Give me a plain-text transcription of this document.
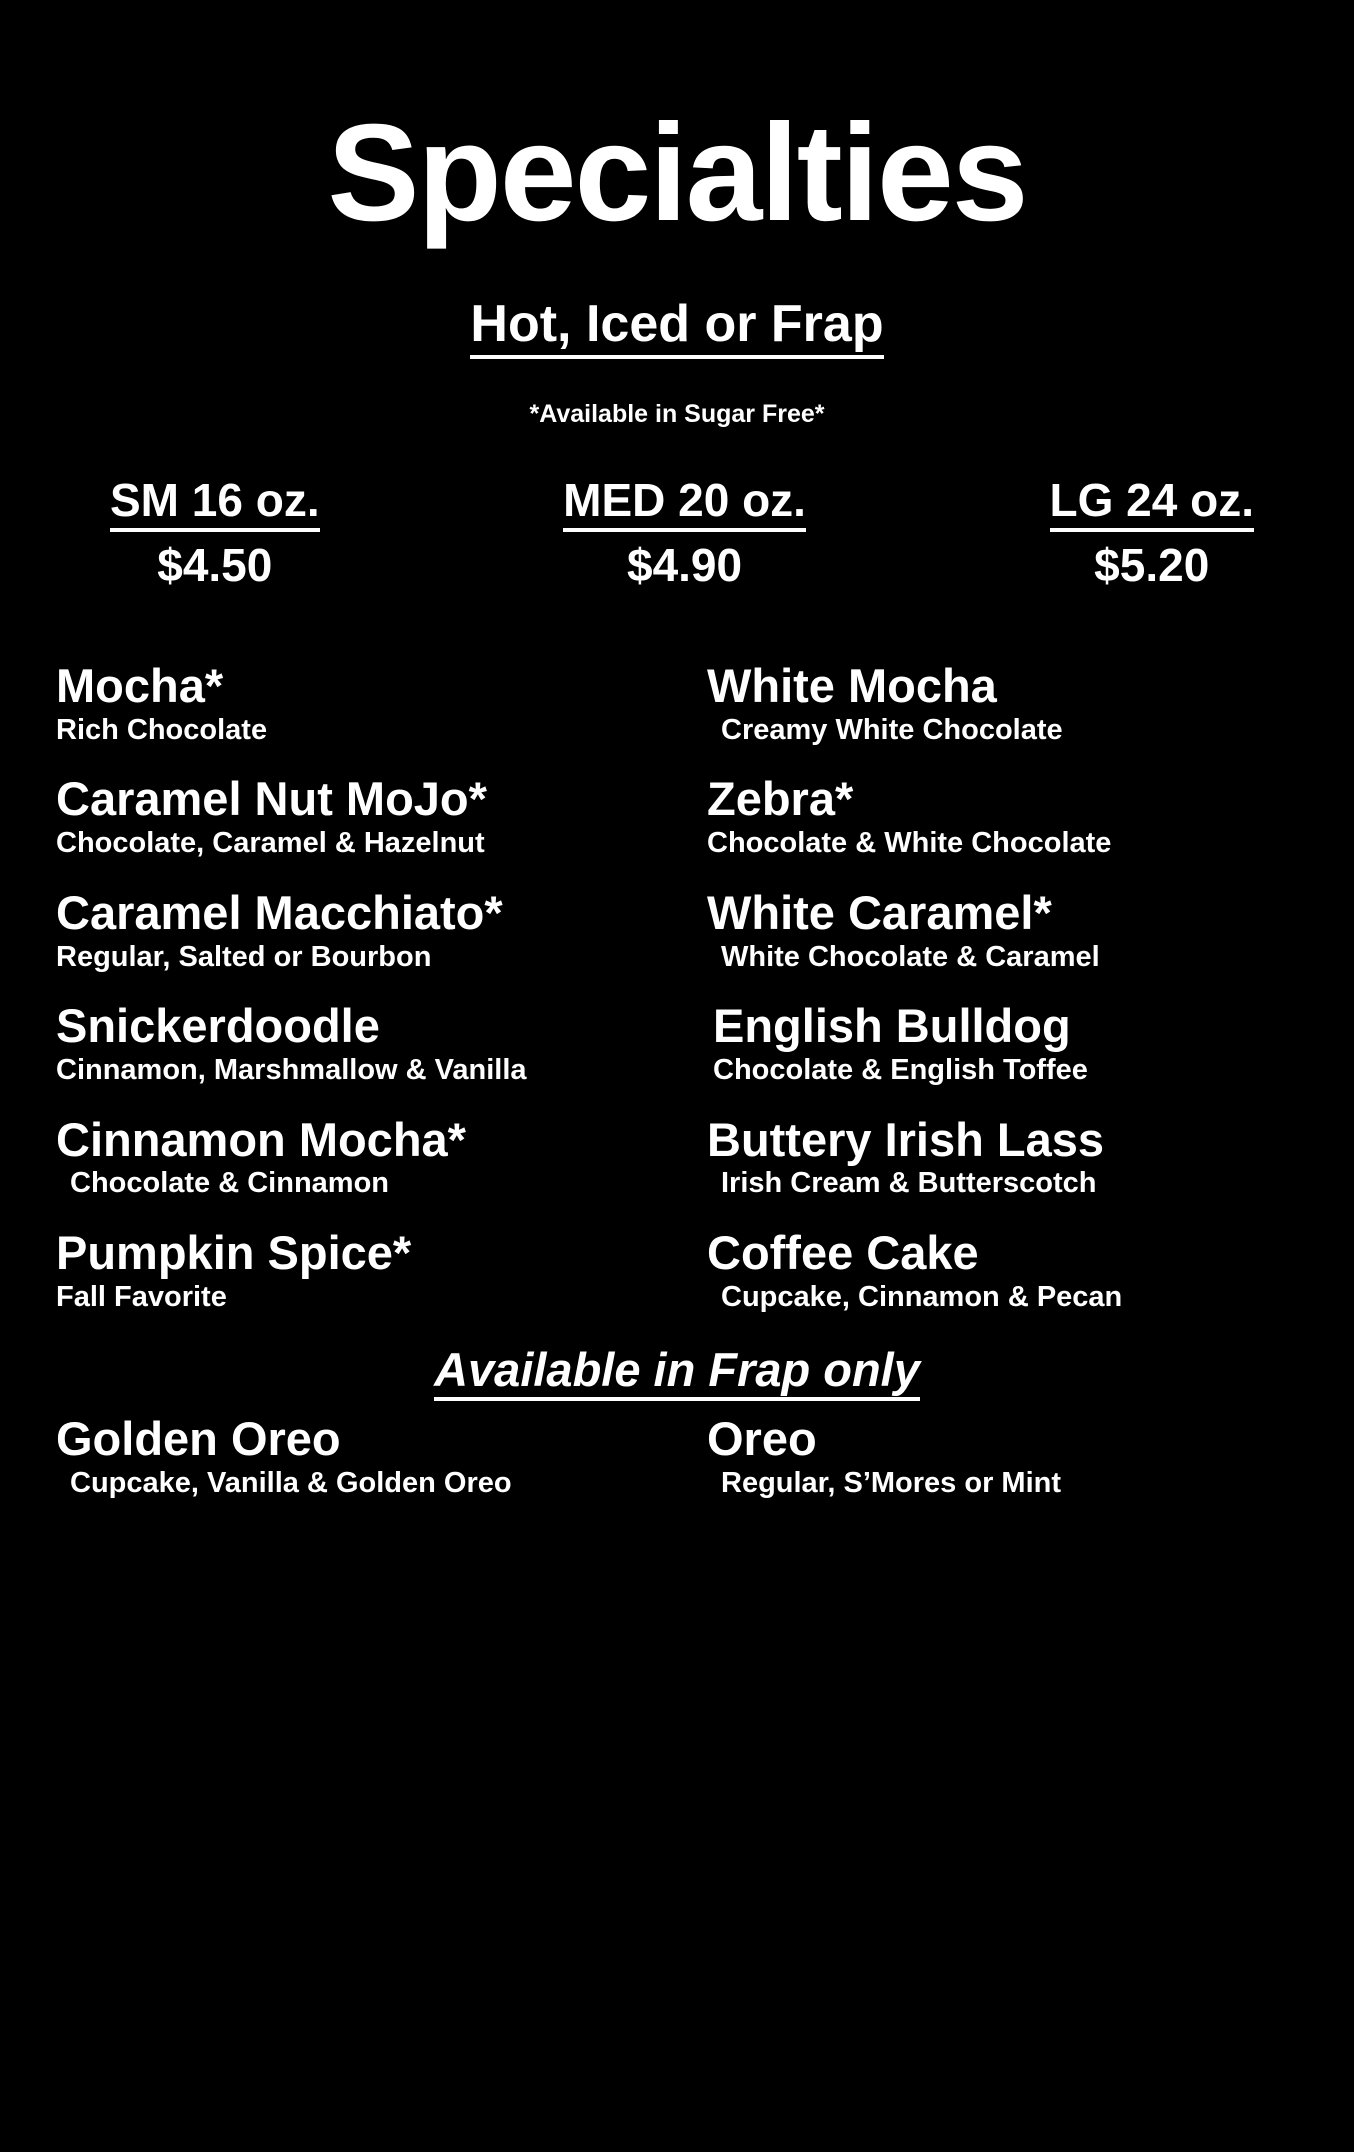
Specialties
Hot, Iced or Frap
*Available in Sugar Free*
SM 16 oz.
$4.50
MED 20 oz.
$4.90
LG 24 oz.
$5.20
Mocha*
Rich Chocolate
White Mocha
Creamy White Chocolate
Caramel Nut MoJo*
Chocolate, Caramel & Hazelnut
Zebra*
Chocolate & White Chocolate
Caramel Macchiato*
Regular, Salted or Bourbon
White Caramel*
White Chocolate & Caramel
Snickerdoodle
Cinnamon, Marshmallow & Vanilla
English Bulldog
Chocolate & English Toffee
Cinnamon Mocha*
Chocolate & Cinnamon
Buttery Irish Lass
Irish Cream & Butterscotch
Pumpkin Spice*
Fall Favorite
Coffee Cake
Cupcake, Cinnamon & Pecan
Available in Frap only
Golden Oreo
Cupcake, Vanilla & Golden Oreo
Oreo
Regular, S’Mores or Mint
